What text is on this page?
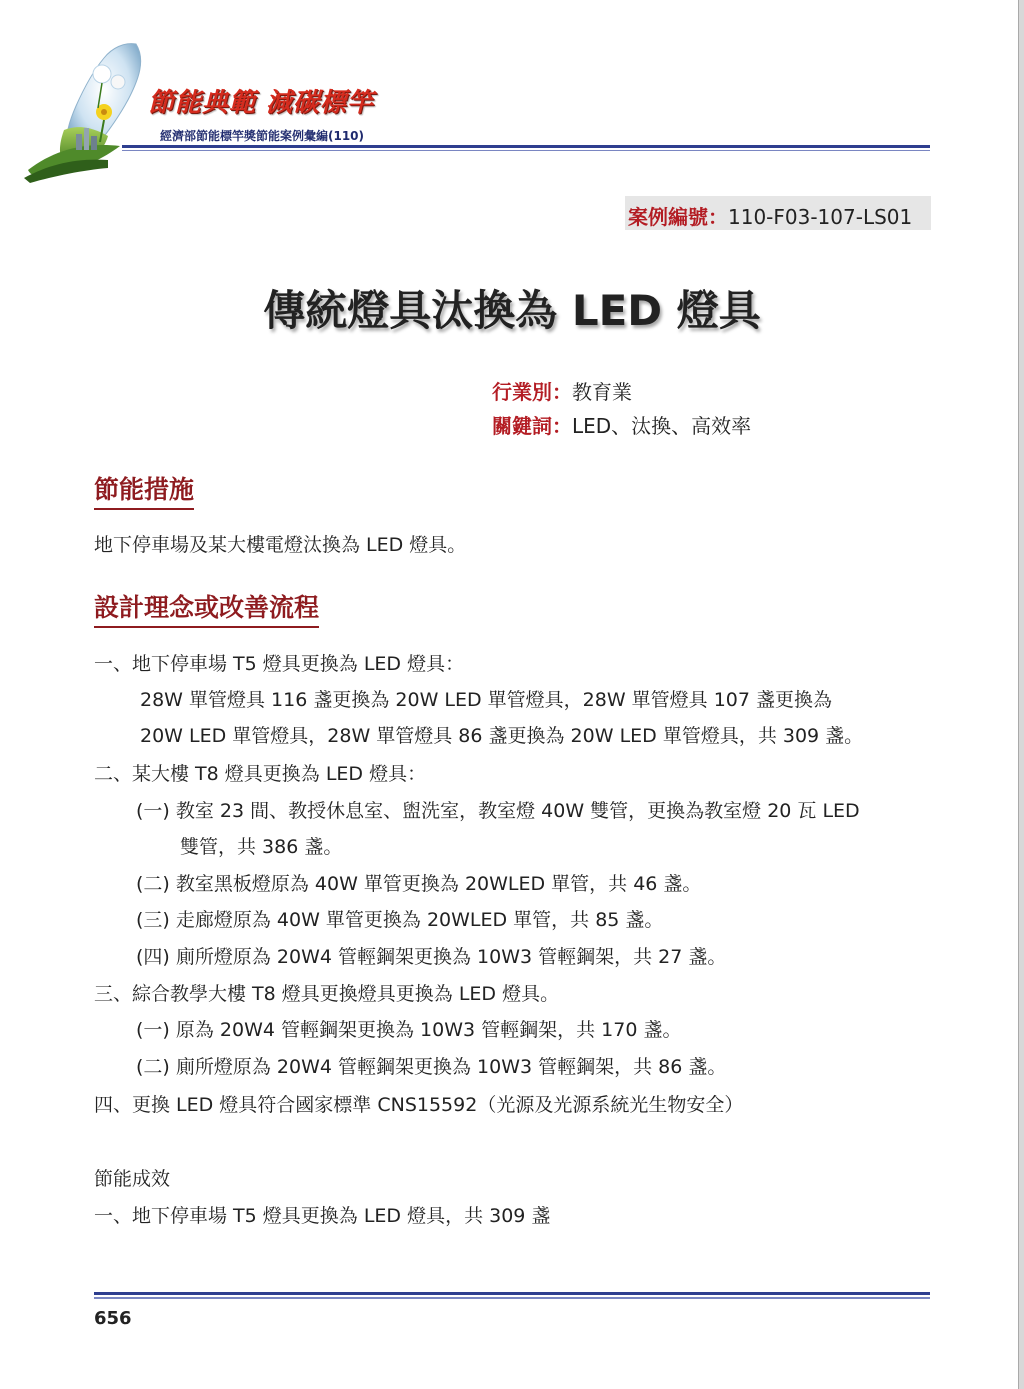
節能典範 減碳標竿
經濟部節能標竿獎節能案例彙編(110)
案例編號：110-F03-107-LS01
傳統燈具汰換為 LED 燈具
行業別：教育業
關鍵詞：LED、汰換、高效率
節能措施
地下停車場及某大樓電燈汰換為 LED 燈具。
設計理念或改善流程
一、地下停車場 T5 燈具更換為 LED 燈具：
28W 單管燈具 116 盞更換為 20W LED 單管燈具，28W 單管燈具 107 盞更換為
20W LED 單管燈具，28W 單管燈具 86 盞更換為 20W LED 單管燈具，共 309 盞。
二、某大樓 T8 燈具更換為 LED 燈具：
(一) 教室 23 間、教授休息室、盥洗室，教室燈 40W 雙管，更換為教室燈 20 瓦 LED
雙管，共 386 盞。
(二) 教室黑板燈原為 40W 單管更換為 20WLED 單管，共 46 盞。
(三) 走廊燈原為 40W 單管更換為 20WLED 單管，共 85 盞。
(四) 廁所燈原為 20W4 管輕鋼架更換為 10W3 管輕鋼架，共 27 盞。
三、綜合教學大樓 T8 燈具更換燈具更換為 LED 燈具。
(一) 原為 20W4 管輕鋼架更換為 10W3 管輕鋼架，共 170 盞。
(二) 廁所燈原為 20W4 管輕鋼架更換為 10W3 管輕鋼架，共 86 盞。
四、更換 LED 燈具符合國家標準 CNS15592（光源及光源系統光生物安全）
節能成效
一、地下停車場 T5 燈具更換為 LED 燈具，共 309 盞
656
